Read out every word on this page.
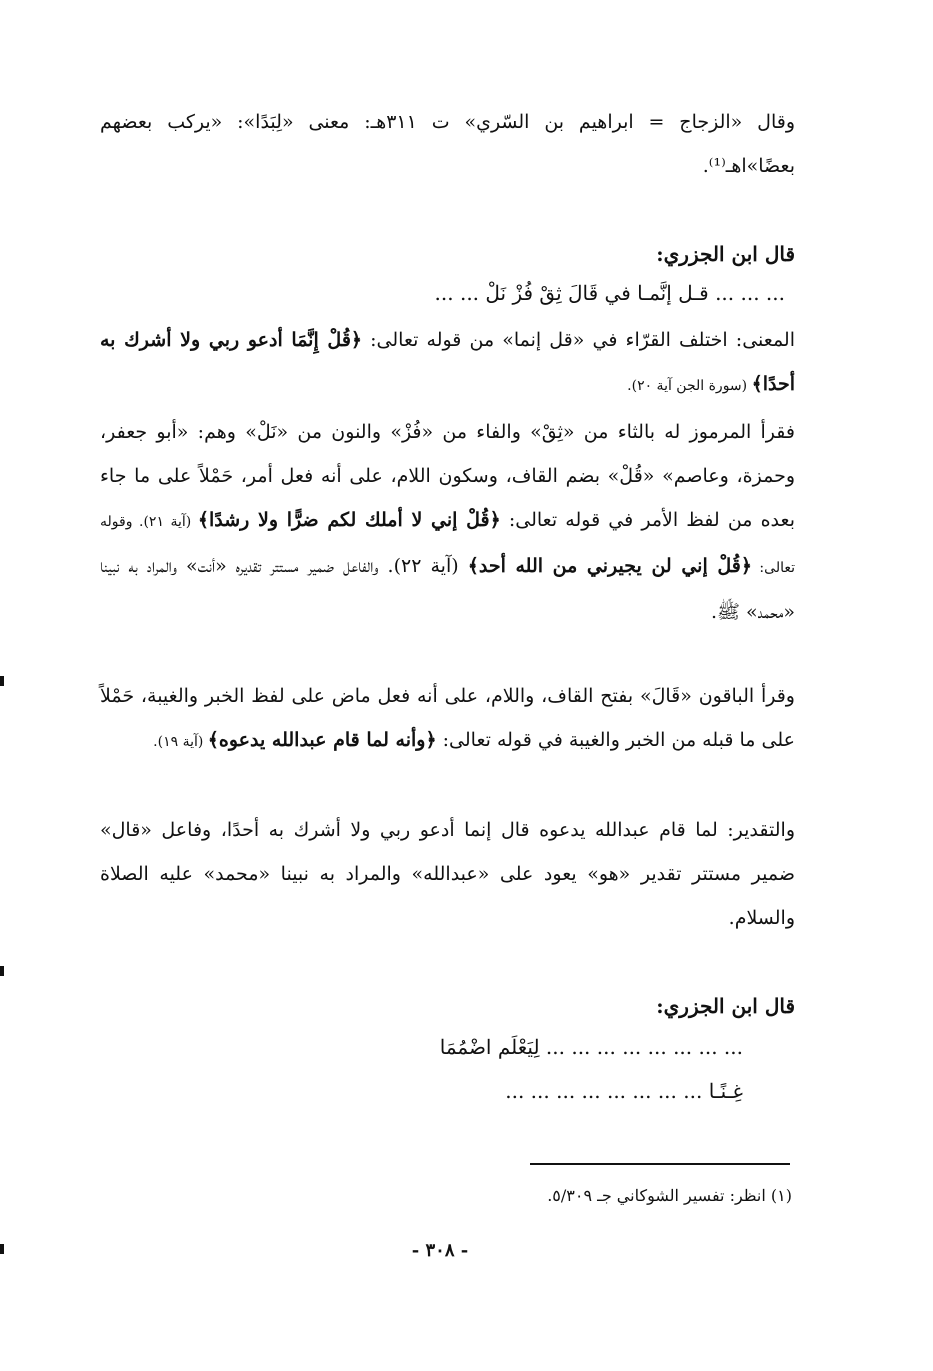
وقال «الزجاج = ابراهيم بن السّري» ت ٣١١هـ: معنى «لِبَدًا»: «يركب بعضهم بعضًا»اهـ⁽¹⁾.
قال ابن الجزري:
... ... ... قـل إنَّمـا في قَالَ ثِقْ فُزْ نَلْ ... ...
المعنى: اختلف القرّاء في «قل إنما» من قوله تعالى: ﴿قُلْ إِنَّمَا أدعو ربي ولا أشرك به أحدًا﴾ (سورة الجن آية ٢٠).
فقرأ المرموز له بالثاء من «ثِقْ» والفاء من «فُزْ» والنون من «نَلْ» وهم: «أبو جعفر، وحمزة، وعاصم» «قُلْ» بضم القاف، وسكون اللام، على أنه فعل أمر، حَمْلاً على ما جاء بعده من لفظ الأمر في قوله تعالى: ﴿قُلْ إني لا أملك لكم ضرًّا ولا رشدًا﴾ (آية ٢١). وقوله تعالى: ﴿قُلْ إني لن يجيرني من الله أحد﴾ (آية ٢٢). والفاعل ضمير مستتر تقديره «أنت» والمراد به نبينا «محمد» ﷺ.
وقرأ الباقون «قَالَ» بفتح القاف، واللام، على أنه فعل ماض على لفظ الخبر والغيبة، حَمْلاً على ما قبله من الخبر والغيبة في قوله تعالى: ﴿وأنه لما قام عبدالله يدعوه﴾ (آية ١٩).
والتقدير: لما قام عبدالله يدعوه قال إنما أدعو ربي ولا أشرك به أحدًا، وفاعل «قال» ضمير مستتر تقدير «هو» يعود على «عبدالله» والمراد به نبينا «محمد» عليه الصلاة والسلام.
قال ابن الجزري:
... ... ... ... ... ... ... ... لِيَعْلَم اضْمُمَا
غِـنًـا ... ... ... ... ... ... ... ...
(١) انظر: تفسير الشوكاني جـ ٥/٣٠٩.
- ٣٠٨ -
